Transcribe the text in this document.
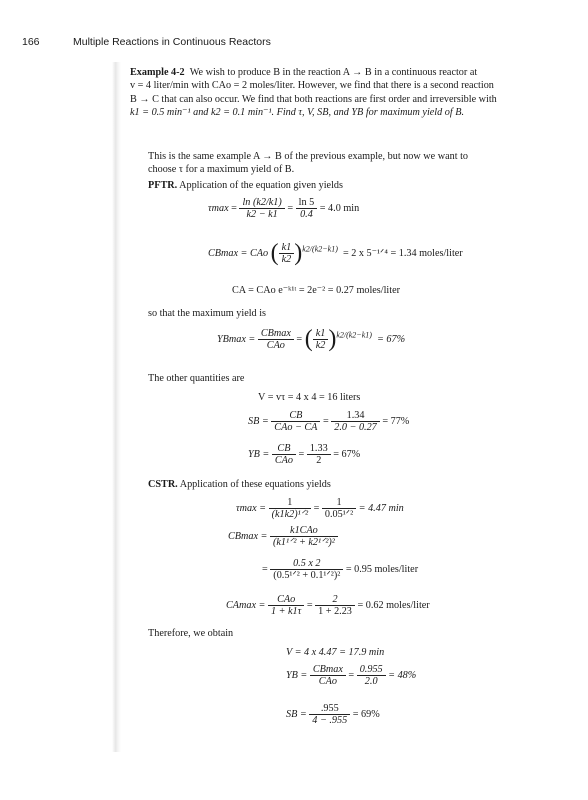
166	Multiple Reactions in Continuous Reactors
Example 4-2 We wish to produce B in the reaction A → B in a continuous reactor at
v = 4 liter/min with CAo = 2 moles/liter. However, we find that there is a second reaction
B → C that can also occur. We find that both reactions are first order and irreversible with
k1 = 0.5 min⁻¹ and k2 = 0.1 min⁻¹. Find τ, V, SB, and YB for maximum yield of B.
This is the same example A → B of the previous example, but now we want to
choose τ for a maximum yield of B.
PFTR. Application of the equation given yields
$\tau\max = \frac{\ln (k2/k1)}{k2 - k1} = \frac{\ln 5}{0.4} = 4.0$ min
CBmax = CAo ( $\frac{k1}{k2} )^{k2/(k2-k1)} = 2$ x 5⁻¹ᐟ⁴ = 1.34 moles/liter
CA = CAo e⁻ᵏ¹ᵗ = 2e⁻² = 0.27 moles/liter
so that the maximum yield is
$YBmax = \frac{CBmax}{\text{CAo}}$ = ( $\frac{k1}{k2} )^{k2/(k2-k1)} = 67\%$
The other quantities are
V = vτ = 4 x 4 = 16 liters
SB = $\frac{CB}{\text{CAo − CA}} = \frac{1.34}{2.0 - 0.27} = 77\%$
YB = $\frac{CB}{\text{CAo}} = \frac{1.33}{2} = 67\%$
CSTR. Application of these equations yields
$\tau\max = \frac{1}{\text{(k1k2)¹ᐟ²}} = \frac{1}{\text{0.05¹ᐟ²}} = 4.47$ min
$CBmax = \frac{\text{k1CAo}}{\text{(k1¹ᐟ² + k2¹ᐟ²)²}}$
= $\frac{0.5 x 2}{\text{(0.5¹ᐟ² + 0.1¹ᐟ²)²}} = 0.95$ moles/liter
$CAmax = \frac{\text{CAo}}{1 + k1\tau} = \frac{2}{1 + 2.23} = 0.62$ moles/liter
Therefore, we obtain
V = 4 x 4.47 = 17.9 min
YB = $\frac{CBmax}{\text{CAo}} = \frac{0.955}{2.0} = 48\%$
SB = $\frac{.955}{4 - .955} = 69\%$
